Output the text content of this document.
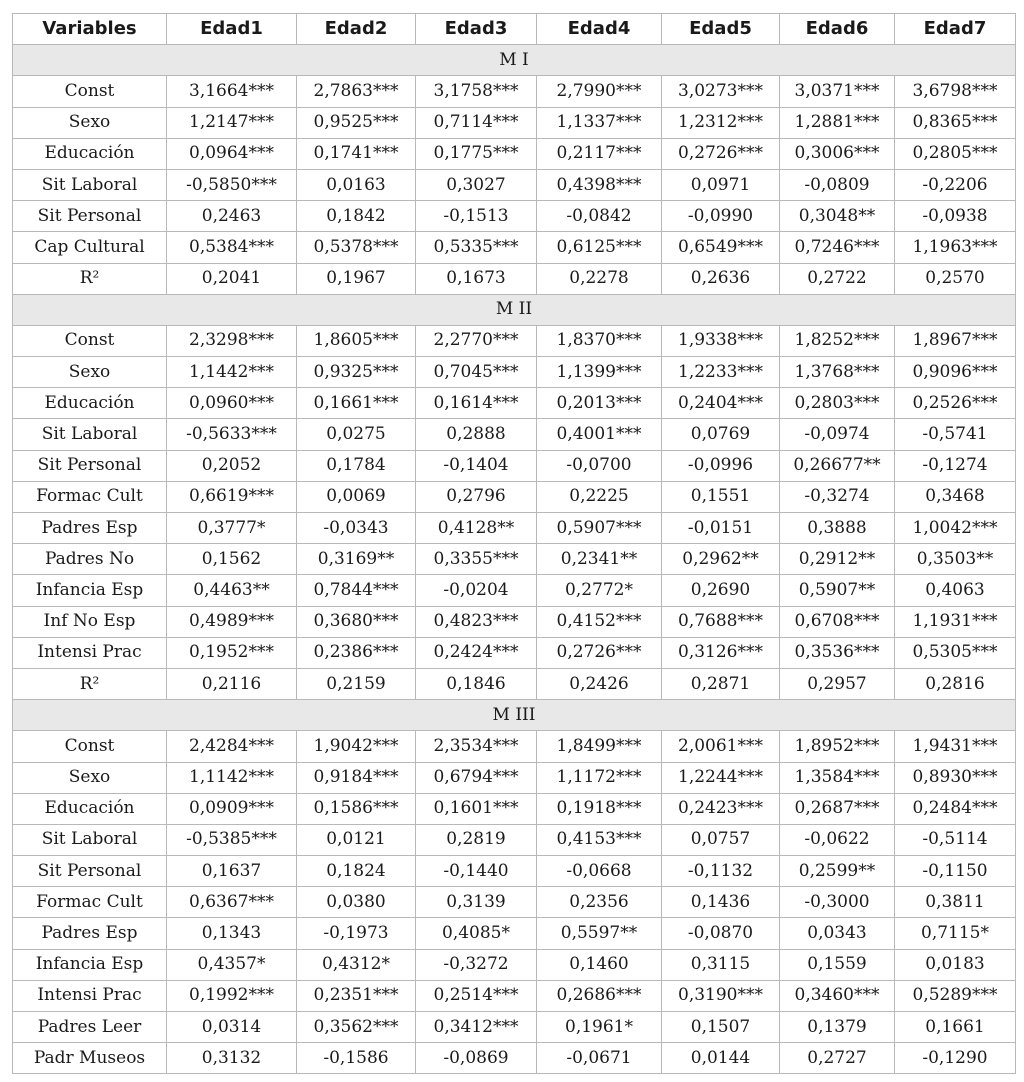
Variables	Edad1	Edad2	Edad3	Edad4	Edad5	Edad6	Edad7
M I							
Const	3,1664***	2,7863***	3,1758***	2,7990***	3,0273***	3,0371***	3,6798***
Sexo	1,2147***	0,9525***	0,7114***	1,1337***	1,2312***	1,2881***	0,8365***
Educación	0,0964***	0,1741***	0,1775***	0,2117***	0,2726***	0,3006***	0,2805***
Sit Laboral	-0,5850***	0,0163	0,3027	0,4398***	0,0971	-0,0809	-0,2206
Sit Personal	0,2463	0,1842	-0,1513	-0,0842	-0,0990	0,3048**	-0,0938
Cap Cultural	0,5384***	0,5378***	0,5335***	0,6125***	0,6549***	0,7246***	1,1963***
R²	0,2041	0,1967	0,1673	0,2278	0,2636	0,2722	0,2570
M II							
Const	2,3298***	1,8605***	2,2770***	1,8370***	1,9338***	1,8252***	1,8967***
Sexo	1,1442***	0,9325***	0,7045***	1,1399***	1,2233***	1,3768***	0,9096***
Educación	0,0960***	0,1661***	0,1614***	0,2013***	0,2404***	0,2803***	0,2526***
Sit Laboral	-0,5633***	0,0275	0,2888	0,4001***	0,0769	-0,0974	-0,5741
Sit Personal	0,2052	0,1784	-0,1404	-0,0700	-0,0996	0,26677**	-0,1274
Formac Cult	0,6619***	0,0069	0,2796	0,2225	0,1551	-0,3274	0,3468
Padres Esp	0,3777*	-0,0343	0,4128**	0,5907***	-0,0151	0,3888	1,0042***
Padres No	0,1562	0,3169**	0,3355***	0,2341**	0,2962**	0,2912**	0,3503**
Infancia Esp	0,4463**	0,7844***	-0,0204	0,2772*	0,2690	0,5907**	0,4063
Inf No Esp	0,4989***	0,3680***	0,4823***	0,4152***	0,7688***	0,6708***	1,1931***
Intensi Prac	0,1952***	0,2386***	0,2424***	0,2726***	0,3126***	0,3536***	0,5305***
R²	0,2116	0,2159	0,1846	0,2426	0,2871	0,2957	0,2816
M III							
Const	2,4284***	1,9042***	2,3534***	1,8499***	2,0061***	1,8952***	1,9431***
Sexo	1,1142***	0,9184***	0,6794***	1,1172***	1,2244***	1,3584***	0,8930***
Educación	0,0909***	0,1586***	0,1601***	0,1918***	0,2423***	0,2687***	0,2484***
Sit Laboral	-0,5385***	0,0121	0,2819	0,4153***	0,0757	-0,0622	-0,5114
Sit Personal	0,1637	0,1824	-0,1440	-0,0668	-0,1132	0,2599**	-0,1150
Formac Cult	0,6367***	0,0380	0,3139	0,2356	0,1436	-0,3000	0,3811
Padres Esp	0,1343	-0,1973	0,4085*	0,5597**	-0,0870	0,0343	0,7115*
Infancia Esp	0,4357*	0,4312*	-0,3272	0,1460	0,3115	0,1559	0,0183
Intensi Prac	0,1992***	0,2351***	0,2514***	0,2686***	0,3190***	0,3460***	0,5289***
Padres Leer	0,0314	0,3562***	0,3412***	0,1961*	0,1507	0,1379	0,1661
Padr Museos	0,3132	-0,1586	-0,0869	-0,0671	0,0144	0,2727	-0,1290
